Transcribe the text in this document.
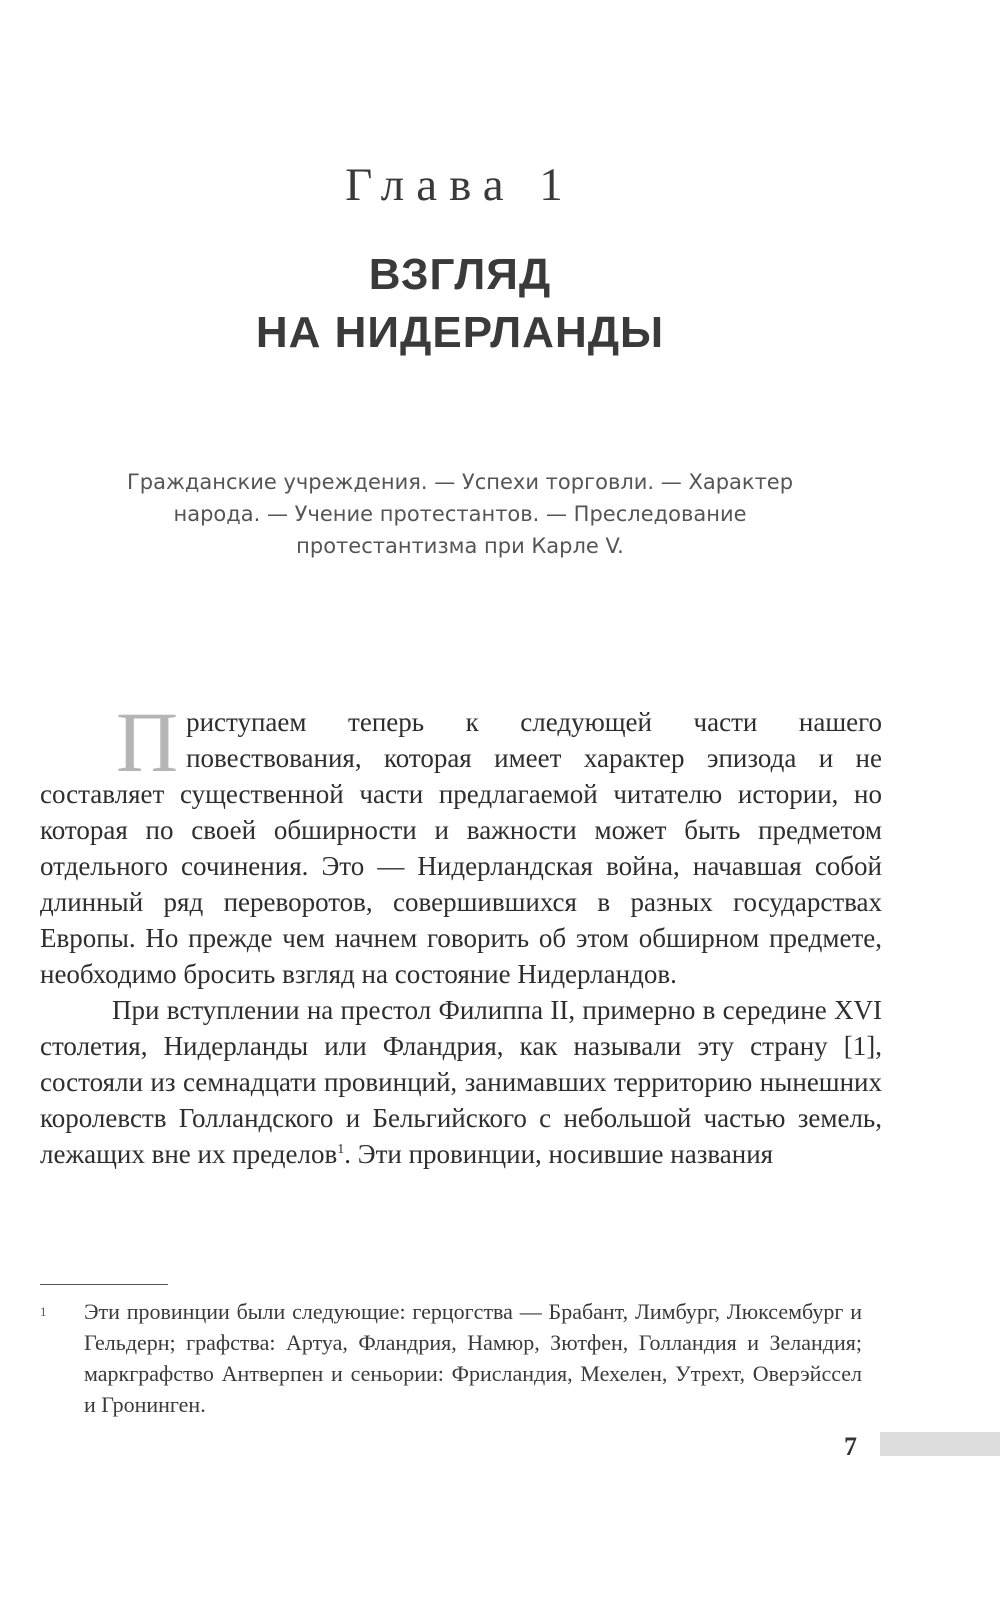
Глава 1
ВЗГЛЯД
НА НИДЕРЛАНДЫ
Гражданские учреждения. — Успехи торговли. — Характер
народа. — Учение протестантов. — Преследование
протестантизма при Карле V.

Приступаем теперь к следующей части нашего повествования, которая имеет характер эпизода и не составляет существенной части предлагаемой читателю истории, но которая по своей обширности и важности может быть предметом отдельного сочинения. Это — Нидерландская война, начавшая собой длинный ряд переворотов, совершившихся в разных государствах Европы. Но прежде чем начнем говорить об этом обширном предмете, необходимо бросить взгляд на состояние Нидерландов.

При вступлении на престол Филиппа II, примерно в середине XVI столетия, Нидерланды или Фландрия, как называли эту страну [1], состояли из семнадцати провинций, занимавших территорию нынешних королевств Голландского и Бельгийского с небольшой частью земель, лежащих вне их пределов$^1$. Эти провинции, носившие названия

1 Эти провинции были следующие: герцогства — Брабант, Лимбург, Люксембург и Гельдерн; графства: Артуа, Фландрия, Намюр, Зютфен, Голландия и Зеландия; маркграфство Антверпен и сеньории: Фрисландия, Мехелен, Утрехт, Оверэйссел и Гронинген.

7
